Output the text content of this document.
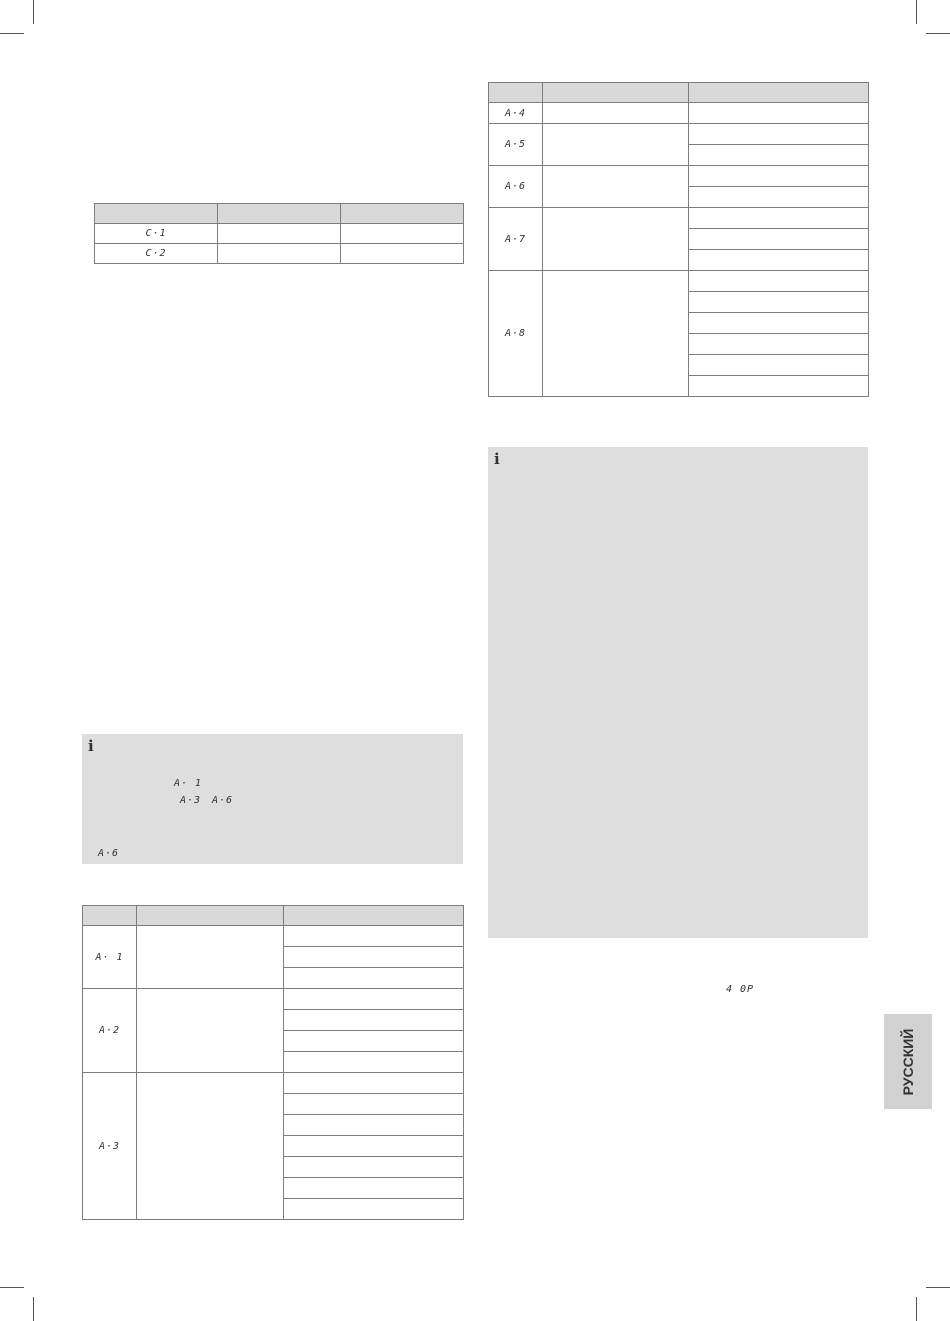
C·1		
C·2		
i
A· 1
A·3 A·6
A·6

A· 1		

A·2		

A·3		

A·4		
A·5		

A·6		

A·7		

A·8		

i
4 0P
РУССКИЙ
